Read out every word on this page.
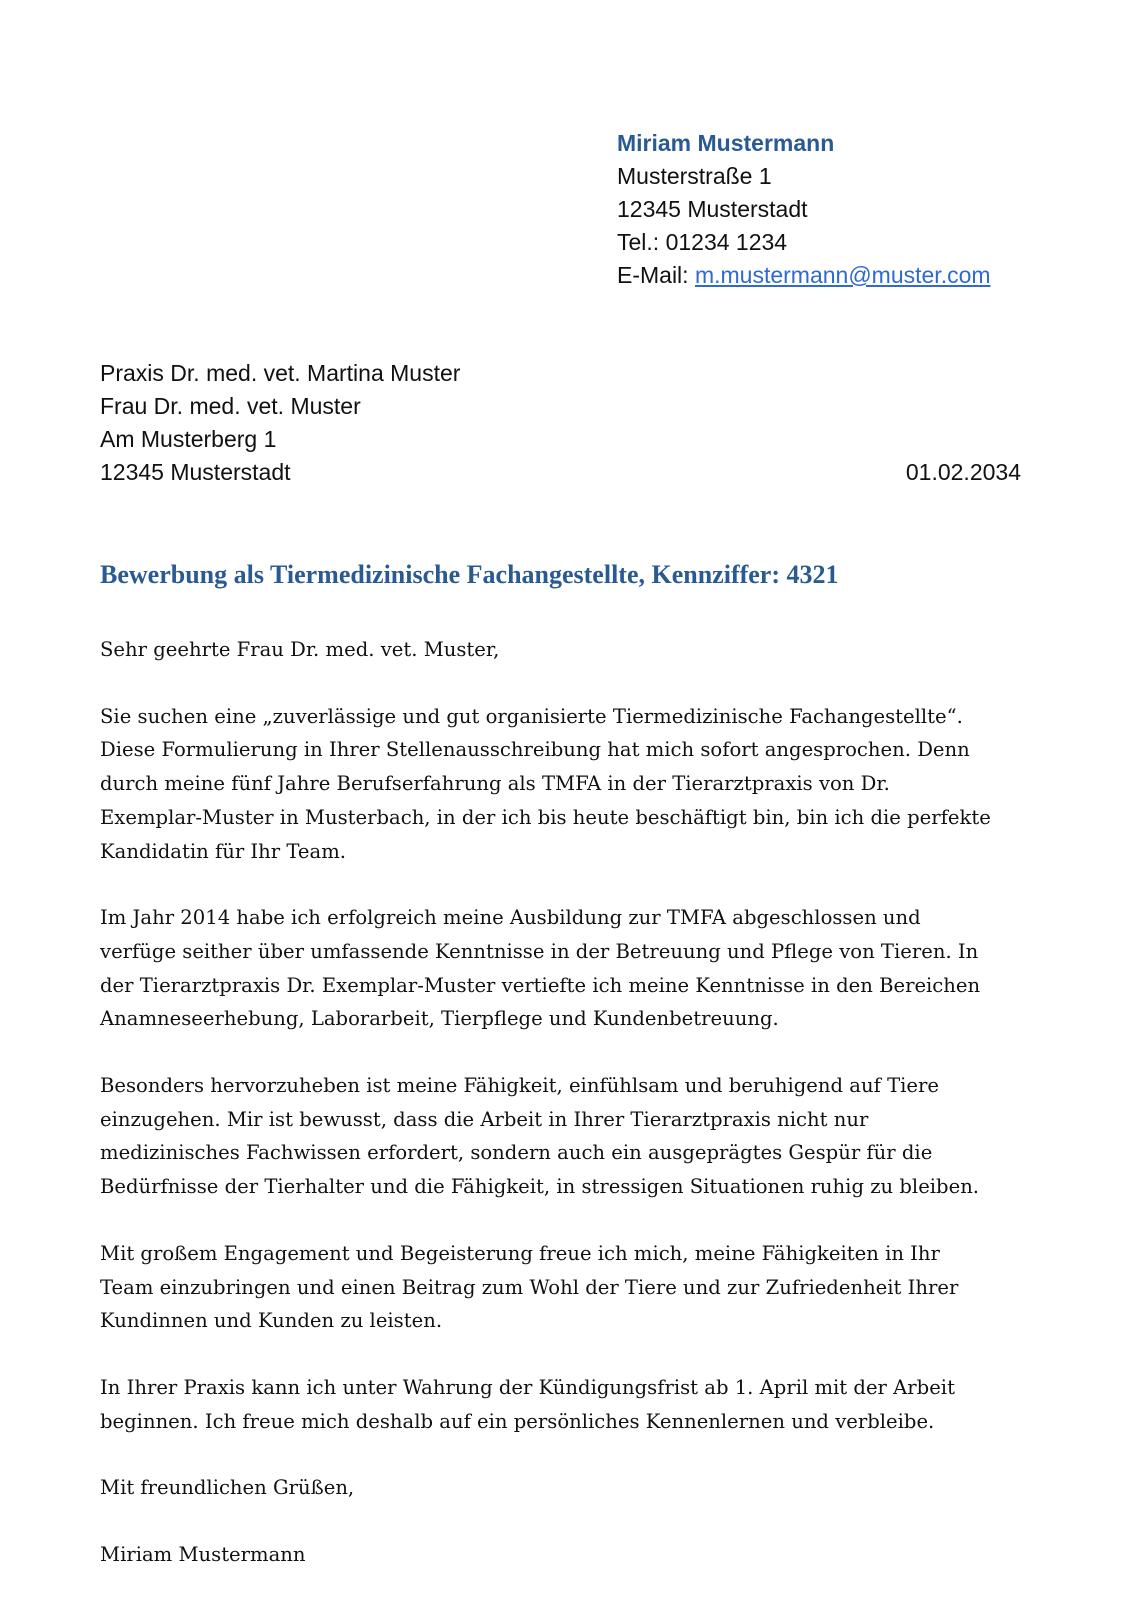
Miriam Mustermann
Musterstraße 1
12345 Musterstadt
Tel.: 01234 1234
E-Mail: m.mustermann@muster.com
Praxis Dr. med. vet. Martina Muster
Frau Dr. med. vet. Muster
Am Musterberg 1
12345 Musterstadt	01.02.2034
Bewerbung als Tiermedizinische Fachangestellte, Kennziffer: 4321

Sehr geehrte Frau Dr. med. vet. Muster,

Sie suchen eine „zuverlässige und gut organisierte Tiermedizinische Fachangestellte“.
Diese Formulierung in Ihrer Stellenausschreibung hat mich sofort angesprochen. Denn
durch meine fünf Jahre Berufserfahrung als TMFA in der Tierarztpraxis von Dr.
Exemplar-Muster in Musterbach, in der ich bis heute beschäftigt bin, bin ich die perfekte
Kandidatin für Ihr Team.

Im Jahr 2014 habe ich erfolgreich meine Ausbildung zur TMFA abgeschlossen und
verfüge seither über umfassende Kenntnisse in der Betreuung und Pflege von Tieren. In
der Tierarztpraxis Dr. Exemplar-Muster vertiefte ich meine Kenntnisse in den Bereichen
Anamneseerhebung, Laborarbeit, Tierpflege und Kundenbetreuung.

Besonders hervorzuheben ist meine Fähigkeit, einfühlsam und beruhigend auf Tiere
einzugehen. Mir ist bewusst, dass die Arbeit in Ihrer Tierarztpraxis nicht nur
medizinisches Fachwissen erfordert, sondern auch ein ausgeprägtes Gespür für die
Bedürfnisse der Tierhalter und die Fähigkeit, in stressigen Situationen ruhig zu bleiben.

Mit großem Engagement und Begeisterung freue ich mich, meine Fähigkeiten in Ihr
Team einzubringen und einen Beitrag zum Wohl der Tiere und zur Zufriedenheit Ihrer
Kundinnen und Kunden zu leisten.

In Ihrer Praxis kann ich unter Wahrung der Kündigungsfrist ab 1. April mit der Arbeit
beginnen. Ich freue mich deshalb auf ein persönliches Kennenlernen und verbleibe.

Mit freundlichen Grüßen,

Miriam Mustermann
